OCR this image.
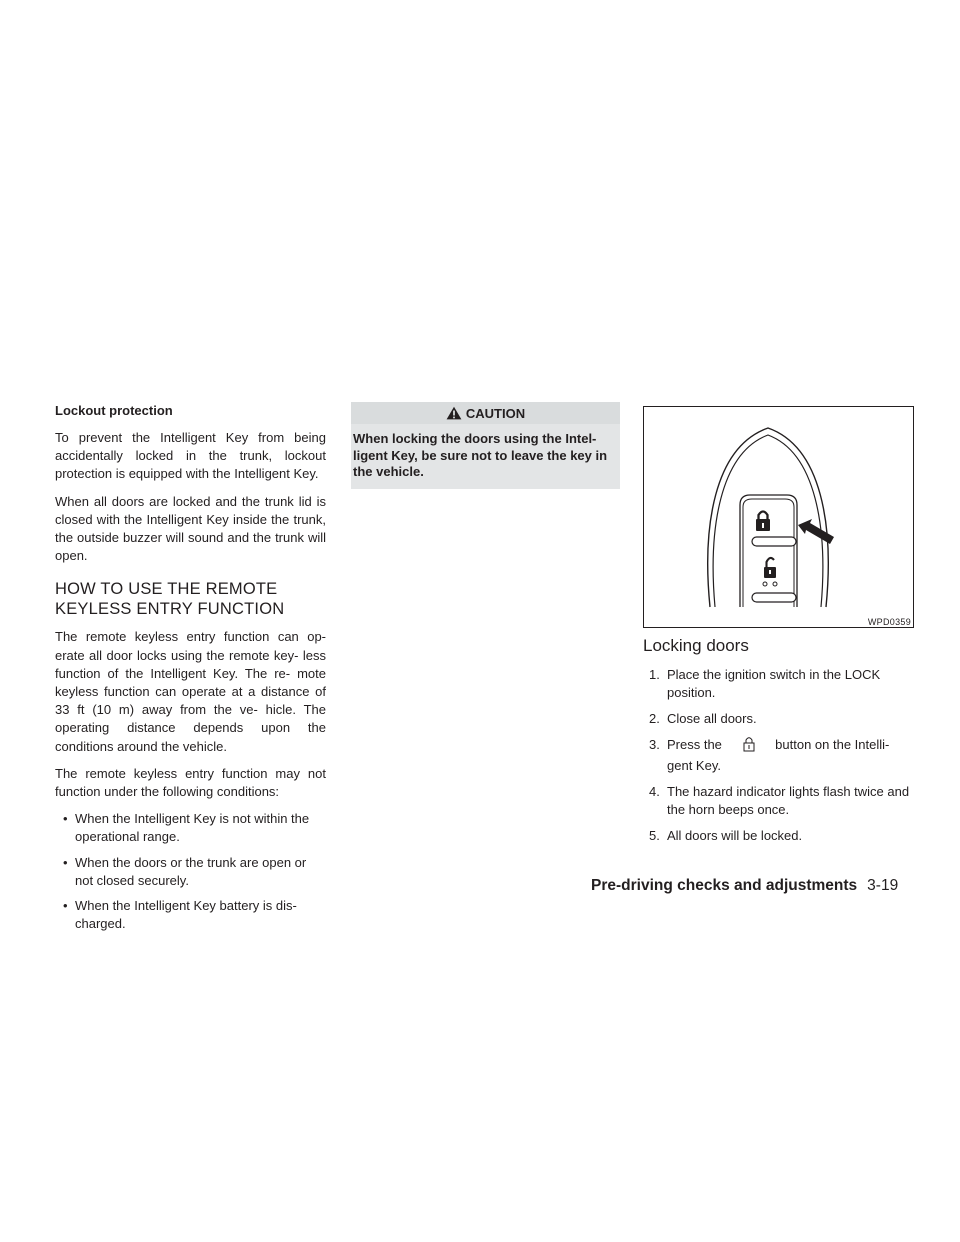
Lockout protection

To prevent the Intelligent Key from being accidentally locked in the trunk, lockout protection is equipped with the Intelligent Key.

When all doors are locked and the trunk lid is closed with the Intelligent Key inside the trunk, the outside buzzer will sound and the trunk will open.

HOW TO USE THE REMOTE
KEYLESS ENTRY FUNCTION

The remote keyless entry function can op- erate all door locks using the remote key- less function of the Intelligent Key. The re- mote keyless function can operate at a distance of 33 ft (10 m) away from the ve- hicle. The operating distance depends upon the conditions around the vehicle.

The remote keyless entry function may not function under the following conditions:

• When the Intelligent Key is not within the operational range.
• When the doors or the trunk are open or not closed securely.
• When the Intelligent Key battery is dis- charged.
CAUTION
When locking the doors using the Intel- ligent Key, be sure not to leave the key in the vehicle.
WPD0359
Locking doors
1. Place the ignition switch in the LOCK position.
2. Close all doors.
3. Press the	button on the Intelli- gent Key.
4. The hazard indicator lights flash twice and the horn beeps once.
5. All doors will be locked.
Pre-driving checks and adjustments 3-19
